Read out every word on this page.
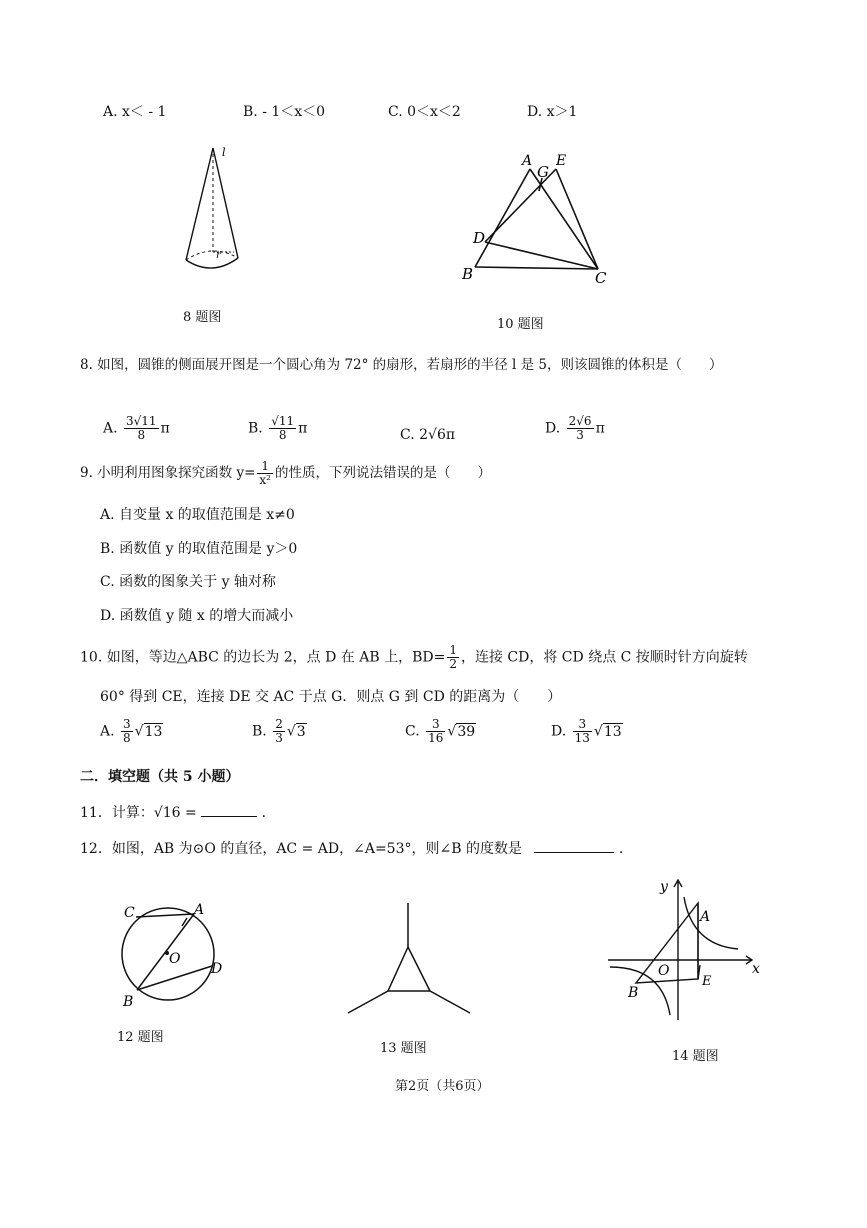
A. x＜ - 1	B. - 1＜x＜0	C. 0＜x＜2	D. x＞1
l
r
8 题图
A
G
E
D
B	C
10 题图
8. 如图，圆锥的侧面展开图是一个圆心角为 72° 的扇形，若扇形的半径 l 是 5，则该圆锥的体积是（　　）
A. $\frac{3√11}{8}$ π	B. $\frac{√11}{8}$ π	C. 2√6π	D. $\frac{2√6}{3}$ π
9. 小明利用图象探究函数 $y= \frac{1}{\text{x²}}$ 的性质，下列说法错误的是（　　）
A. 自变量 x 的取值范围是 x≠0
B. 函数值 y 的取值范围是 y＞0
C. 函数的图象关于 y 轴对称
D. 函数值 y 随 x 的增大而减小
10. 如图，等边△ABC 的边长为 2，点 D 在 AB 上，$BD= \frac{1}{2}$ ，连接 CD，将 CD 绕点 C 按顺时针方向旋转
60° 得到 CE，连接 DE 交 AC 于点 G．则点 G 到 CD 的距离为（　　）
A. $\frac{3}{8} √13$	B. $\frac{2}{3} √3$	C. $\frac{3}{16} √39$	D. $\frac{3}{13} √13$
二．填空题（共 5 小题）
11．计算：√16 =	．
12．如图，AB 为⊙O 的直径，AC = AD，∠A=53°，则∠B 的度数是	．
C	A
O
D
B
12 题图
13 题图
y
x
A
O
B
E
14 题图
第2页（共6页）
